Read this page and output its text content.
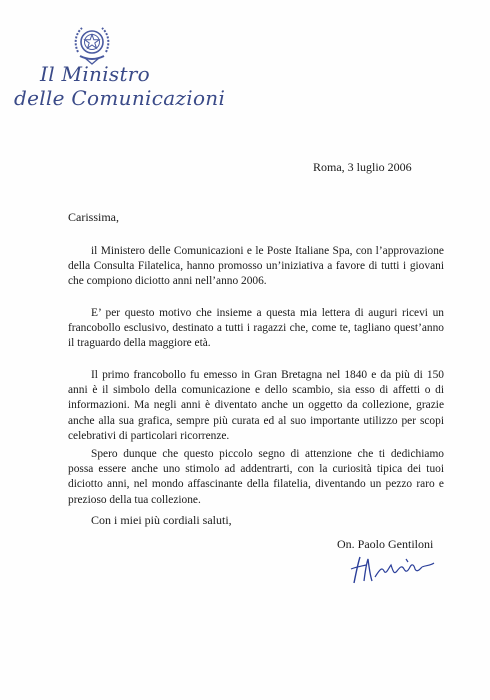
Il Ministro
delle Comunicazioni
Roma, 3 luglio 2006
Carissima,

il Ministero delle Comunicazioni e le Poste Italiane Spa, con l’approvazione della Consulta Filatelica, hanno promosso un’iniziativa a favore di tutti i giovani che compiono diciotto anni nell’anno 2006.

E’ per questo motivo che insieme a questa mia lettera di auguri ricevi un francobollo esclusivo, destinato a tutti i ragazzi che, come te, tagliano quest’anno il traguardo della maggiore età.

Il primo francobollo fu emesso in Gran Bretagna nel 1840 e da più di 150 anni è il simbolo della comunicazione e dello scambio, sia esso di affetti o di informazioni. Ma negli anni è diventato anche un oggetto da collezione, grazie anche alla sua grafica, sempre più curata ed al suo importante utilizzo per scopi celebrativi di particolari ricorrenze.

Spero dunque che questo piccolo segno di attenzione che ti dedichiamo possa essere anche uno stimolo ad addentrarti, con la curiosità tipica dei tuoi diciotto anni, nel mondo affascinante della filatelia, diventando un pezzo raro e prezioso della tua collezione.

Con i miei più cordiali saluti,
On. Paolo Gentiloni
